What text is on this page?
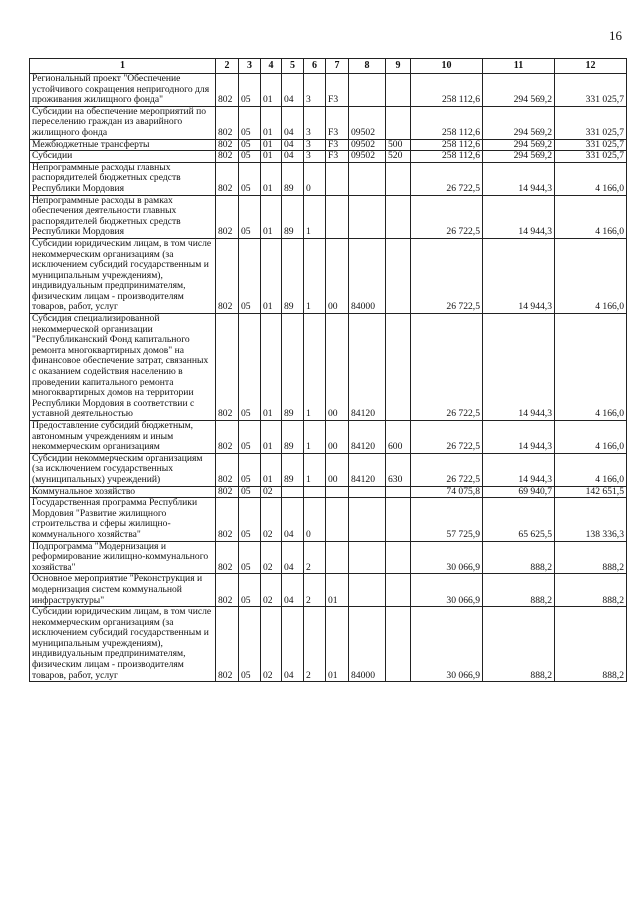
16
1	2	3	4	5	6	7	8	9	10	11	12
Региональный проект "Обеспечение устойчивого сокращения непригодного для проживания жилищного фонда"	802	05	01	04	3	F3			258 112,6	294 569,2	331 025,7
Субсидии на обеспечение мероприятий по переселению граждан из аварийного жилищного фонда	802	05	01	04	3	F3	09502		258 112,6	294 569,2	331 025,7
Межбюджетные трансферты	802	05	01	04	3	F3	09502	500	258 112,6	294 569,2	331 025,7
Субсидии	802	05	01	04	3	F3	09502	520	258 112,6	294 569,2	331 025,7
Непрограммные расходы главных распорядителей бюджетных средств Республики Мордовия	802	05	01	89	0				26 722,5	14 944,3	4 166,0
Непрограммные расходы в рамках обеспечения деятельности главных распорядителей бюджетных средств Республики Мордовия	802	05	01	89	1				26 722,5	14 944,3	4 166,0
Субсидии юридическим лицам, в том числе некоммерческим организациям (за исключением субсидий государственным и муниципальным учреждениям), индивидуальным предпринимателям, физическим лицам - производителям товаров, работ, услуг	802	05	01	89	1	00	84000		26 722,5	14 944,3	4 166,0
Субсидия специализированной некоммерческой организации "Республиканский Фонд капитального ремонта многоквартирных домов" на финансовое обеспечение затрат, связанных с оказанием содействия населению в проведении капитального ремонта многоквартирных домов на территории Республики Мордовия в соответствии с уставной деятельностью	802	05	01	89	1	00	84120		26 722,5	14 944,3	4 166,0
Предоставление субсидий бюджетным, автономным учреждениям и иным некоммерческим организациям	802	05	01	89	1	00	84120	600	26 722,5	14 944,3	4 166,0
Субсидии некоммерческим организациям (за исключением государственных (муниципальных) учреждений)	802	05	01	89	1	00	84120	630	26 722,5	14 944,3	4 166,0
Коммунальное хозяйство	802	05	02						74 075,8	69 940,7	142 651,5
Государственная программа Республики Мордовия "Развитие жилищного строительства и сферы жилищно-коммунального хозяйства"	802	05	02	04	0				57 725,9	65 625,5	138 336,3
Подпрограмма "Модернизация и реформирование жилищно-коммунального хозяйства"	802	05	02	04	2				30 066,9	888,2	888,2
Основное мероприятие "Реконструкция и модернизация систем коммунальной инфраструктуры"	802	05	02	04	2	01			30 066,9	888,2	888,2
Субсидии юридическим лицам, в том числе некоммерческим организациям (за исключением субсидий государственным и муниципальным учреждениям), индивидуальным предпринимателям, физическим лицам - производителям товаров, работ, услуг	802	05	02	04	2	01	84000		30 066,9	888,2	888,2
